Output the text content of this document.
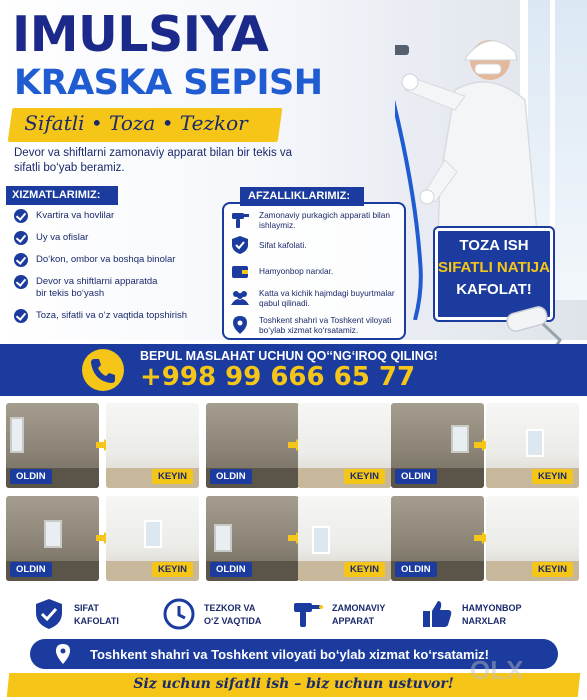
IMULSIYA
KRASKA SEPISH
Sifatli • Toza • Tezkor
Devor va shiftlarni zamonaviy apparat bilan bir tekis va sifatli bo‘yab beramiz.
XIZMATLARIMIZ:
Kvartira va hovlilar
Uy va ofislar
Do‘kon, ombor va boshqa binolar
Devor va shiftlarni apparatda bir tekis bo‘yash
Toza, sifatli va o‘z vaqtida topshirish
AFZALLIKLARIMIZ:
Zamonaviy purkagich apparati bilan ishlaymiz.
Sifat kafolati.
Hamyonbop narxlar.
Katta va kichik hajmdagi buyurtmalar qabul qilinadi.
Toshkent shahri va Toshkent viloyati bo‘ylab xizmat ko‘rsatamiz.
TOZA ISH
SIFATLI NATIJA
KAFOLAT!
BEPUL MASLAHAT UCHUN QO‘‘NG‘IROQ QILING!
+998 99 666 65 77
OLDIN	KEYIN	OLDIN	KEYIN	OLDIN	KEYIN
OLDIN	KEYIN	OLDIN	KEYIN	OLDIN	KEYIN
SIFAT
KAFOLATI
TEZKOR VA
O‘Z VAQTIDA
ZAMONAVIY
APPARAT
HAMYONBOP
NARXLAR
Toshkent shahri va Toshkent viloyati bo‘ylab xizmat ko‘rsatamiz!
Siz uchun sifatli ish – biz uchun ustuvor! OLX
